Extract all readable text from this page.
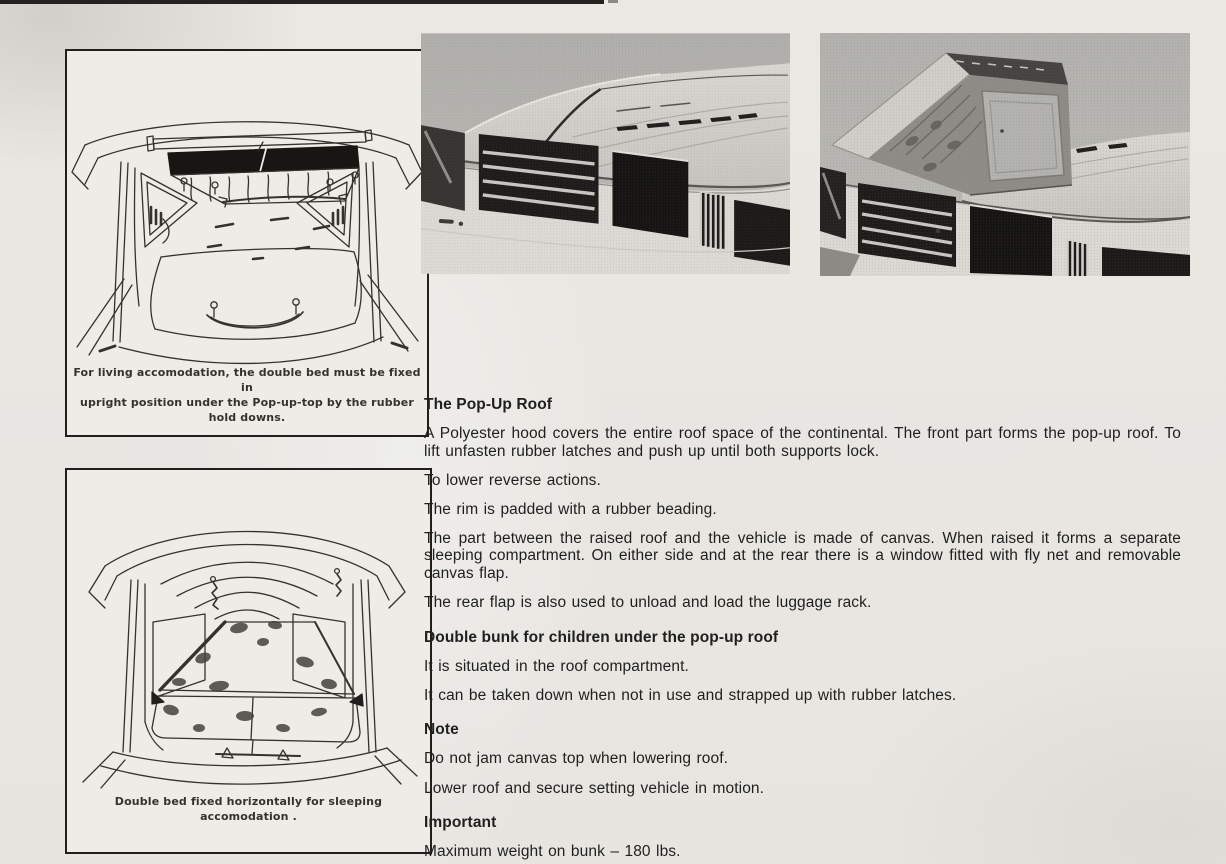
For living accomodation, the double bed must be fixed in
upright position under the Pop-up-top by the rubber hold downs.
Double bed fixed horizontally for sleeping accomodation .
The Pop-Up Roof

A Polyester hood covers the entire roof space of the continental. The front part forms the pop-up roof. To lift unfasten rubber latches and push up until both supports lock.

To lower reverse actions.

The rim is padded with a rubber beading.

The part between the raised roof and the vehicle is made of canvas. When raised it forms a separate sleeping compartment. On either side and at the rear there is a window fitted with fly net and removable canvas flap.

The rear flap is also used to unload and load the luggage rack.

Double bunk for children under the pop-up roof

It is situated in the roof compartment.

It can be taken down when not in use and strapped up with rubber latches.

Note

Do not jam canvas top when lowering roof.

Lower roof and secure setting vehicle in motion.

Important

Maximum weight on bunk – 180 lbs.
